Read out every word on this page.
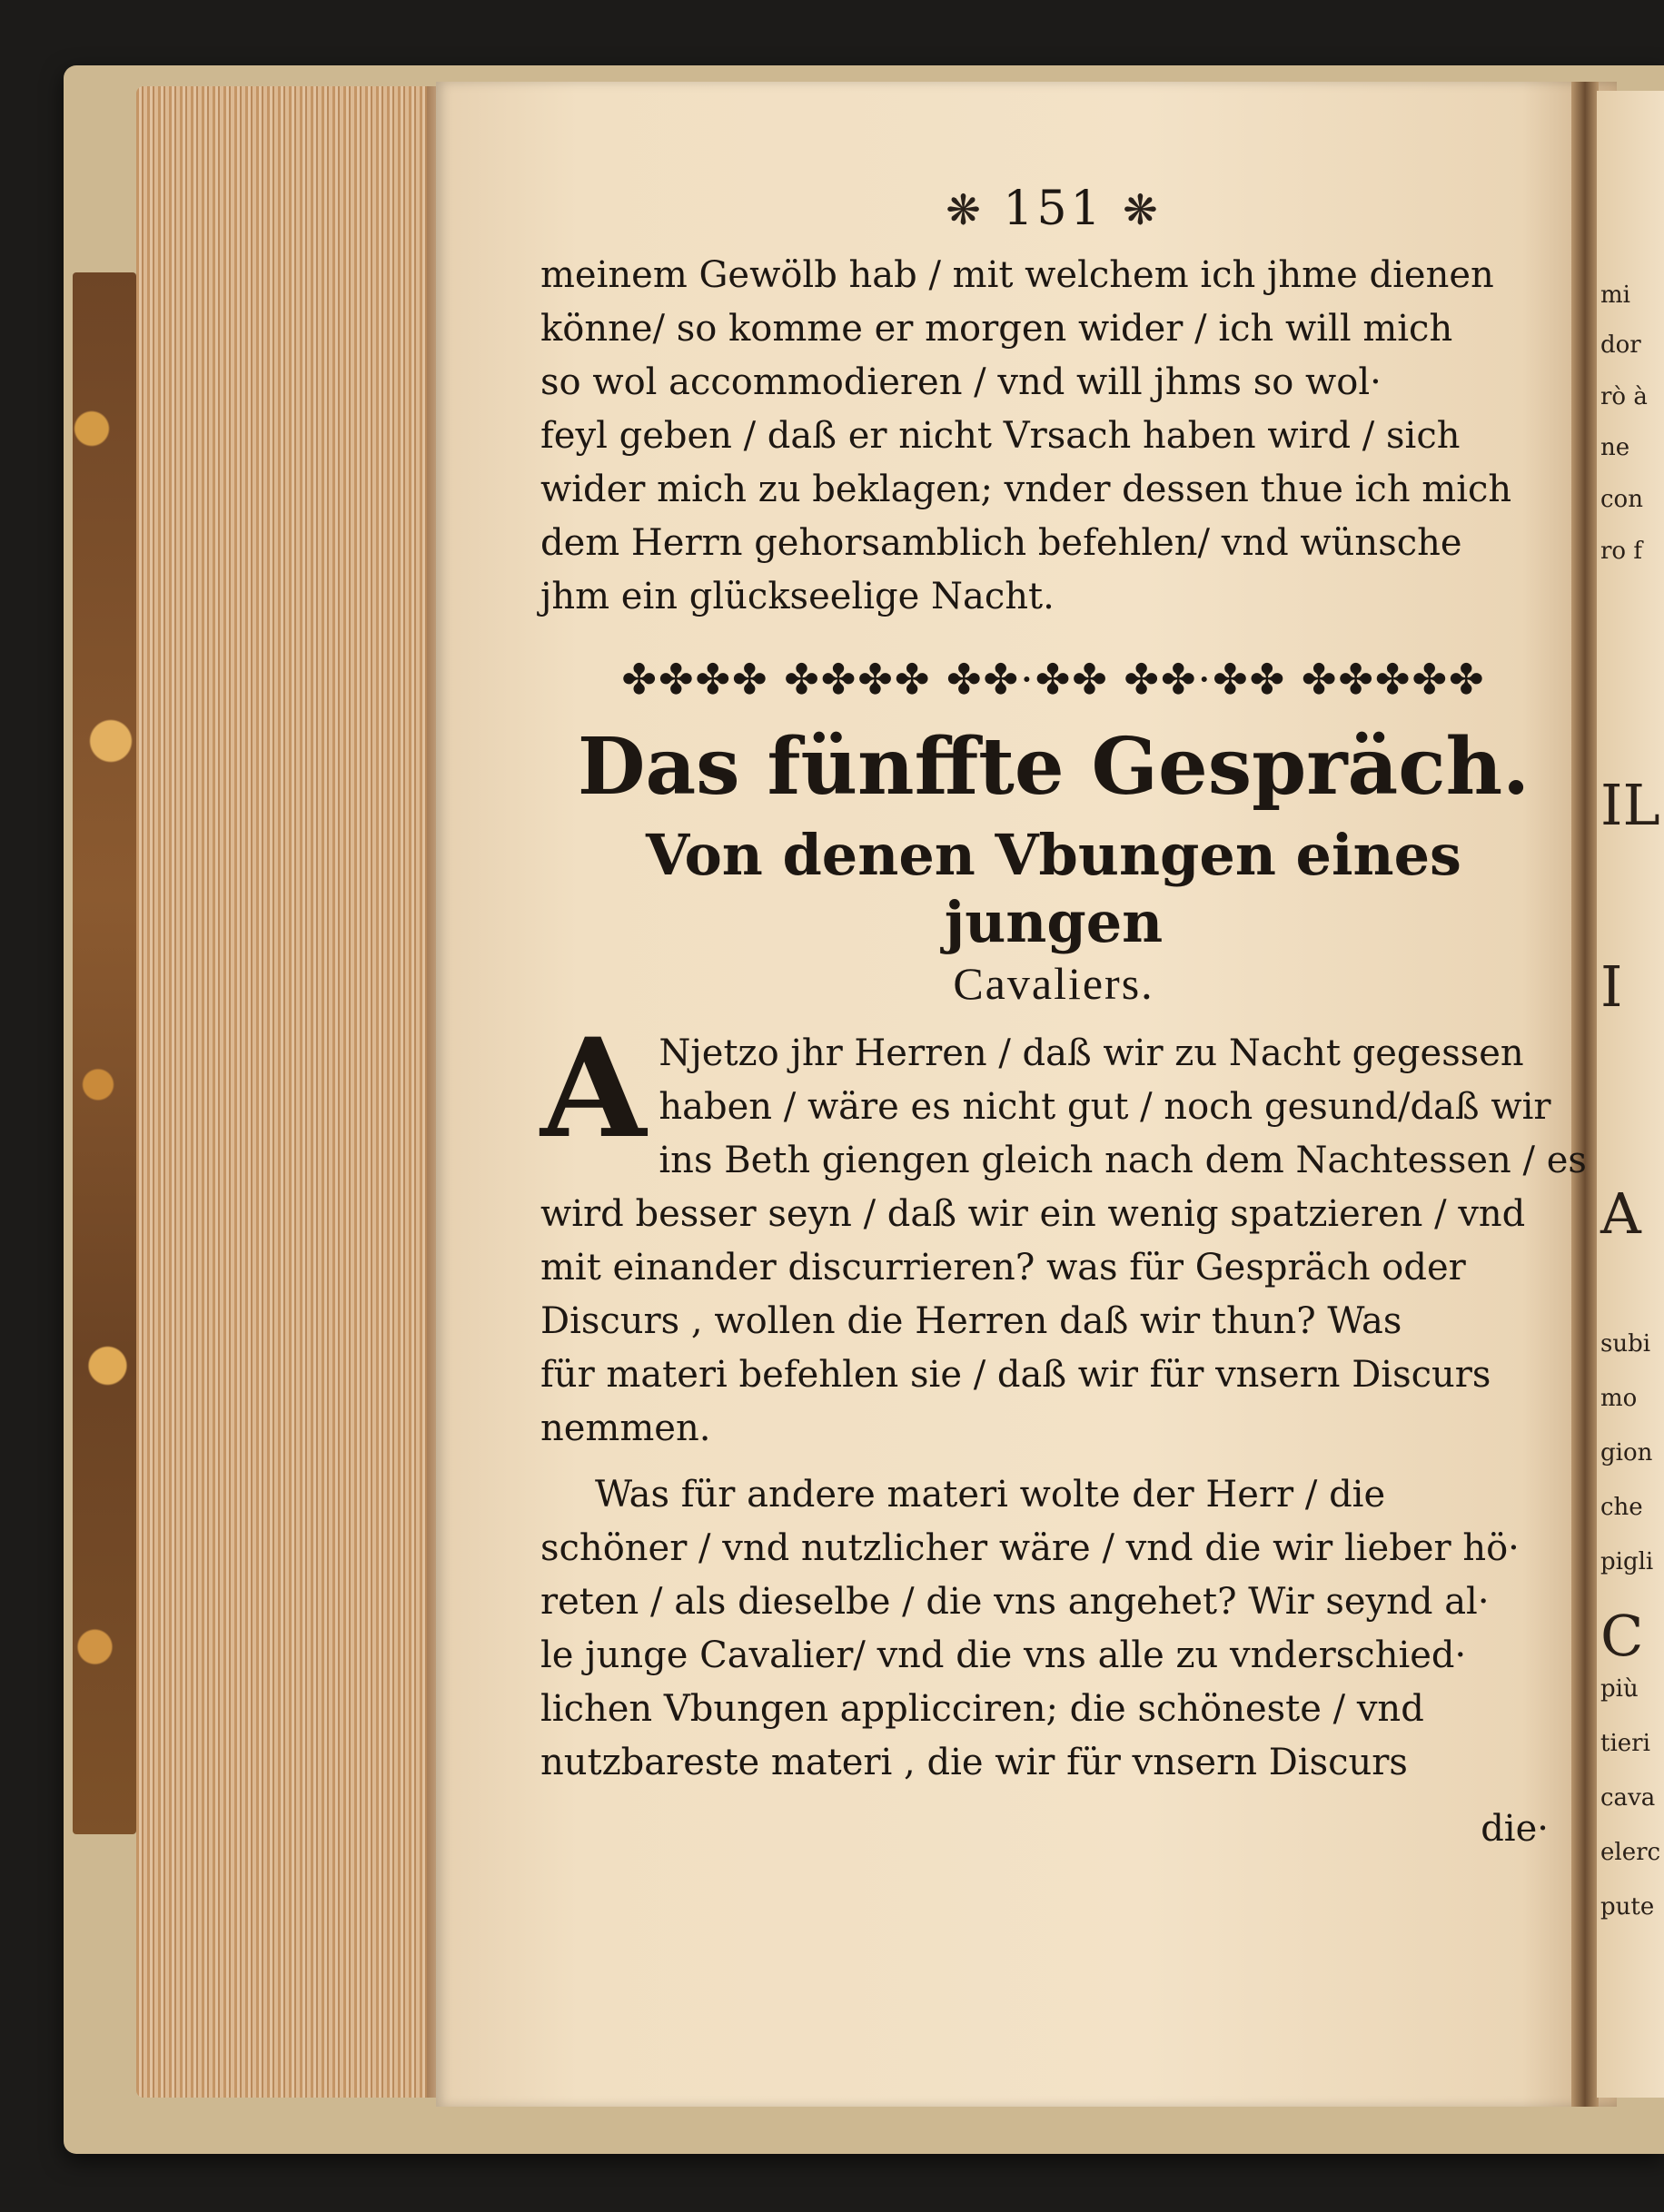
mi
dor
rò à
ne
con
ro f
IL
I
A
subi
mo
gion
che
pigli
C
più
tieri
cava
elerc
pute
❋ 151 ❋
meinem Gewölb hab / mit welchem ich jhme dienen
könne/ so komme er morgen wider / ich will mich
so wol accommodieren / vnd will jhms so wol·
feyl geben / daß er nicht Vrsach haben wird / sich
wider mich zu beklagen; vnder dessen thue ich mich
dem Herrn gehorsamblich befehlen/ vnd wünsche
jhm ein glückseelige Nacht.
✤✤✤✤ ✤✤✤✤ ✤✤·✤✤ ✤✤·✤✤ ✤✤✤✤✤
Das fünffte Gespräch.
Von denen Vbungen eines jungen
Cavaliers.
A Njetzo jhr Herren / daß wir zu Nacht gegessen
haben / wäre es nicht gut / noch gesund/daß wir
ins Beth giengen gleich nach dem Nachtessen / es
wird besser seyn / daß wir ein wenig spatzieren / vnd
mit einander discurrieren? was für Gespräch oder
Discurs , wollen die Herren daß wir thun? Was
für materi befehlen sie / daß wir für vnsern Discurs
nemmen.
Was für andere materi wolte der Herr / die
schöner / vnd nutzlicher wäre / vnd die wir lieber hö·
reten / als dieselbe / die vns angehet? Wir seynd al·
le junge Cavalier/ vnd die vns alle zu vnderschied·
lichen Vbungen applicciren; die schöneste / vnd
nutzbareste materi , die wir für vnsern Discurs
die·
